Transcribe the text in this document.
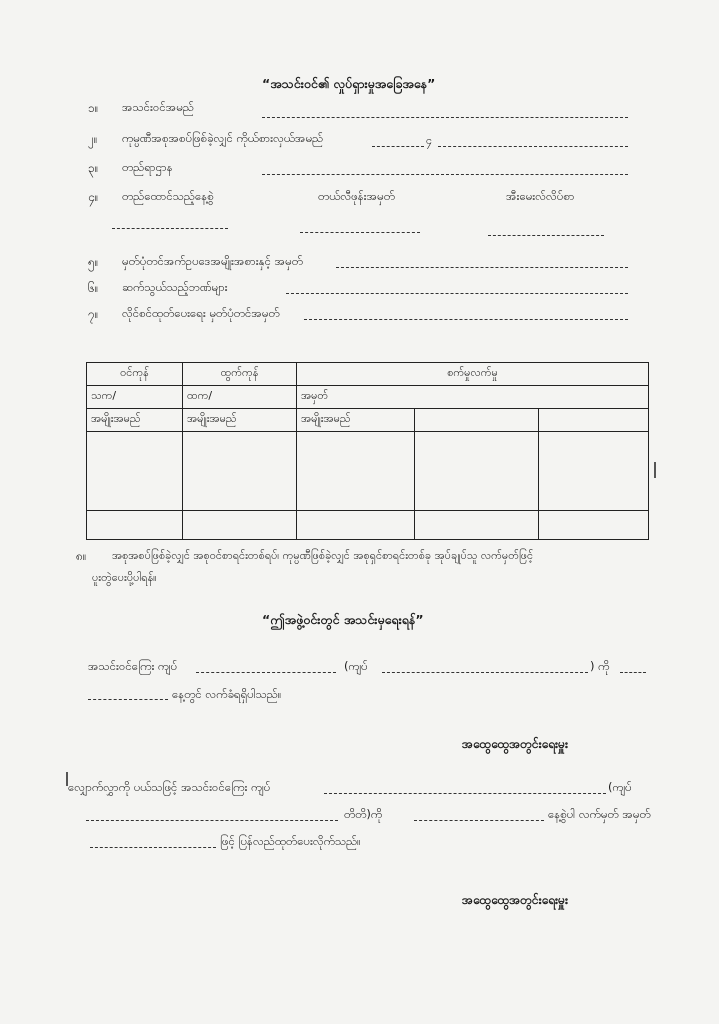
“အသင်းဝင်၏ လှုပ်ရှားမှုအခြေအနေ”
၁။ အသင်းဝင်အမည်
၂။ ကုမ္ပဏီအစုအစပ်ဖြစ်ခဲ့လျှင် ကိုယ်စားလှယ်အမည်	၄
၃။ တည်ရာဌာန
၄။ တည်ထောင်သည့်နေ့စွဲ	တယ်လီဖုန်းအမှတ်	အီးမေးလ်လိပ်စာ
၅။ မှတ်ပုံတင်အက်ဥပဒေအမျိုးအစားနှင့် အမှတ်
၆။ ဆက်သွယ်သည့်ဘဏ်များ
၇။ လိုင်စင်ထုတ်ပေးရေး မှတ်ပုံတင်အမှတ်
ဝင်ကုန်	ထွက်ကုန်	စက်မှုလက်မှု		
သက/	ထက/	အမှတ်		
အမျိုးအမည်	အမျိုးအမည်	အမျိုးအမည်		

၈။ အစုအစပ်ဖြစ်ခဲ့လျှင် အစုဝင်စာရင်းတစ်ရပ်၊ ကုမ္ပဏီဖြစ်ခဲ့လျှင် အစုရှင်စာရင်းတစ်ခု အုပ်ချုပ်သူ လက်မှတ်ဖြင့်
ပူးတွဲပေးပို့ပါရန်။
“ဤအဖွဲ့ဝင်းတွင် အသင်းမှရေးရန်”
အသင်းဝင်ကြေး ကျပ်	(ကျပ်	) ကို
နေ့တွင် လက်ခံရရှိပါသည်။
အထွေထွေအတွင်းရေးမှူး
လျှောက်လွှာကို ပယ်သဖြင့် အသင်းဝင်ကြေး ကျပ်	(ကျပ်
တိတိ)ကို	နေ့စွဲပါ လက်မှတ် အမှတ်
ဖြင့် ပြန်လည်ထုတ်ပေးလိုက်သည်။
အထွေထွေအတွင်းရေးမှူး
